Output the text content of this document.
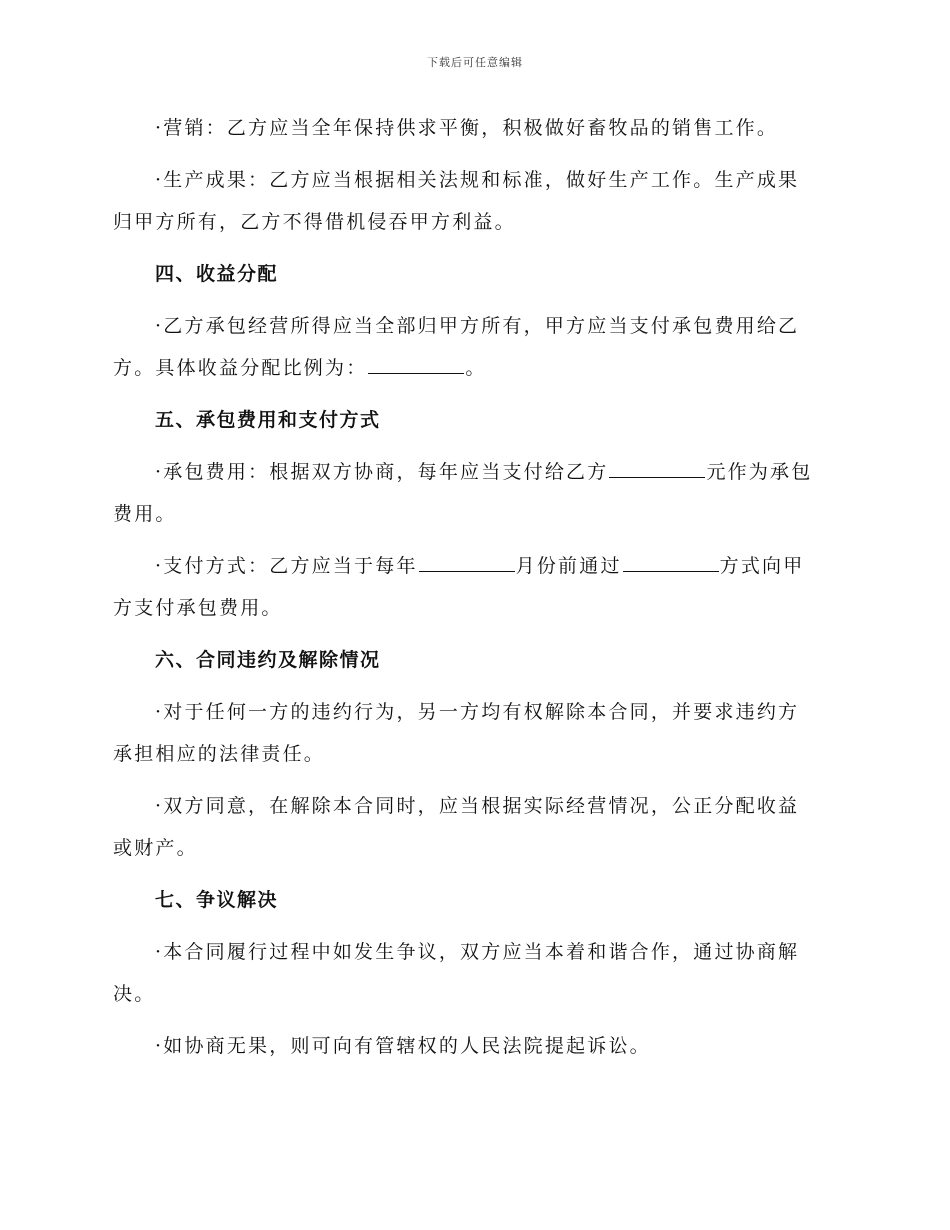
下载后可任意编辑
·营销：乙方应当全年保持供求平衡，积极做好畜牧品的销售工作。
·生产成果：乙方应当根据相关法规和标准，做好生产工作。生产成果
归甲方所有，乙方不得借机侵吞甲方利益。
四、收益分配
·乙方承包经营所得应当全部归甲方所有，甲方应当支付承包费用给乙
方。具体收益分配比例为：	。
五、承包费用和支付方式
·承包费用：根据双方协商，每年应当支付给乙方	元作为承包
费用。
·支付方式：乙方应当于每年	月份前通过	方式向甲
方支付承包费用。
六、合同违约及解除情况
·对于任何一方的违约行为，另一方均有权解除本合同，并要求违约方
承担相应的法律责任。
·双方同意，在解除本合同时，应当根据实际经营情况，公正分配收益
或财产。
七、争议解决
·本合同履行过程中如发生争议，双方应当本着和谐合作，通过协商解
决。
·如协商无果，则可向有管辖权的人民法院提起诉讼。
